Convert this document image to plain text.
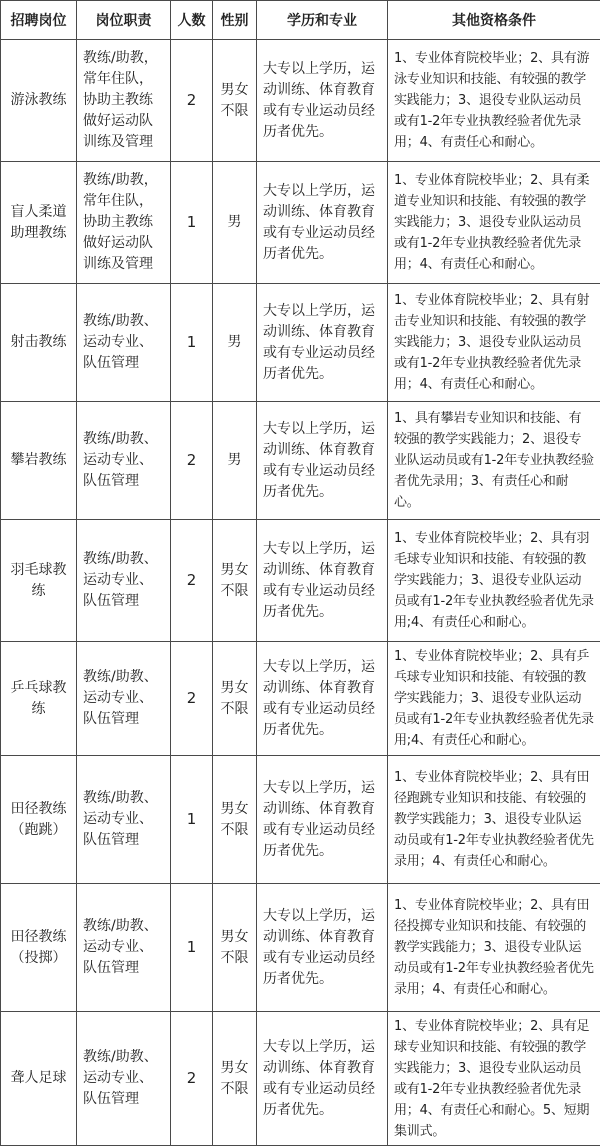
招聘岗位	岗位职责	人数	性别	学历和专业	其他资格条件
游泳教练	教练/助教，常年住队，协助主教练做好运动队训练及管理	2	男女不限	大专以上学历，运动训练、体育教育或有专业运动员经历者优先。	1、专业体育院校毕业；2、具有游泳专业知识和技能、有较强的教学实践能力；3、退役专业队运动员或有1-2年专业执教经验者优先录用；4、有责任心和耐心。
盲人柔道助理教练	教练/助教，常年住队，协助主教练做好运动队训练及管理	1	男	大专以上学历，运动训练、体育教育或有专业运动员经历者优先。	1、专业体育院校毕业；2、具有柔道专业知识和技能、有较强的教学实践能力；3、退役专业队运动员或有1-2年专业执教经验者优先录用；4、有责任心和耐心。
射击教练	教练/助教、运动专业、队伍管理	1	男	大专以上学历，运动训练、体育教育或有专业运动员经历者优先。	1、专业体育院校毕业；2、具有射击专业知识和技能、有较强的教学实践能力；3、退役专业队运动员或有1-2年专业执教经验者优先录用；4、有责任心和耐心。
攀岩教练	教练/助教、运动专业、队伍管理	2	男	大专以上学历，运动训练、体育教育或有专业运动员经历者优先。	1、具有攀岩专业知识和技能、有较强的教学实践能力；2、退役专业队运动员或有1-2年专业执教经验者优先录用；3、有责任心和耐心。
羽毛球教练	教练/助教、运动专业、队伍管理	2	男女不限	大专以上学历，运动训练、体育教育或有专业运动员经历者优先。	1、专业体育院校毕业；2、具有羽毛球专业知识和技能、有较强的教学实践能力；3、退役专业队运动员或有1-2年专业执教经验者优先录用;4、有责任心和耐心。
乒乓球教练	教练/助教、运动专业、队伍管理	2	男女不限	大专以上学历，运动训练、体育教育或有专业运动员经历者优先。	1、专业体育院校毕业；2、具有乒乓球专业知识和技能、有较强的教学实践能力；3、退役专业队运动员或有1-2年专业执教经验者优先录用;4、有责任心和耐心。
田径教练（跑跳）	教练/助教、运动专业、队伍管理	1	男女不限	大专以上学历，运动训练、体育教育或有专业运动员经历者优先。	1、专业体育院校毕业；2、具有田径跑跳专业知识和技能、有较强的教学实践能力；3、退役专业队运动员或有1-2年专业执教经验者优先录用；4、有责任心和耐心。
田径教练（投掷）	教练/助教、运动专业、队伍管理	1	男女不限	大专以上学历，运动训练、体育教育或有专业运动员经历者优先。	1、专业体育院校毕业；2、具有田径投掷专业知识和技能、有较强的教学实践能力；3、退役专业队运动员或有1-2年专业执教经验者优先录用；4、有责任心和耐心。
聋人足球	教练/助教、运动专业、队伍管理	2	男女不限	大专以上学历，运动训练、体育教育或有专业运动员经历者优先。	1、专业体育院校毕业；2、具有足球专业知识和技能、有较强的教学实践能力；3、退役专业队运动员或有1-2年专业执教经验者优先录用；4、有责任心和耐心。5、短期集训式。
